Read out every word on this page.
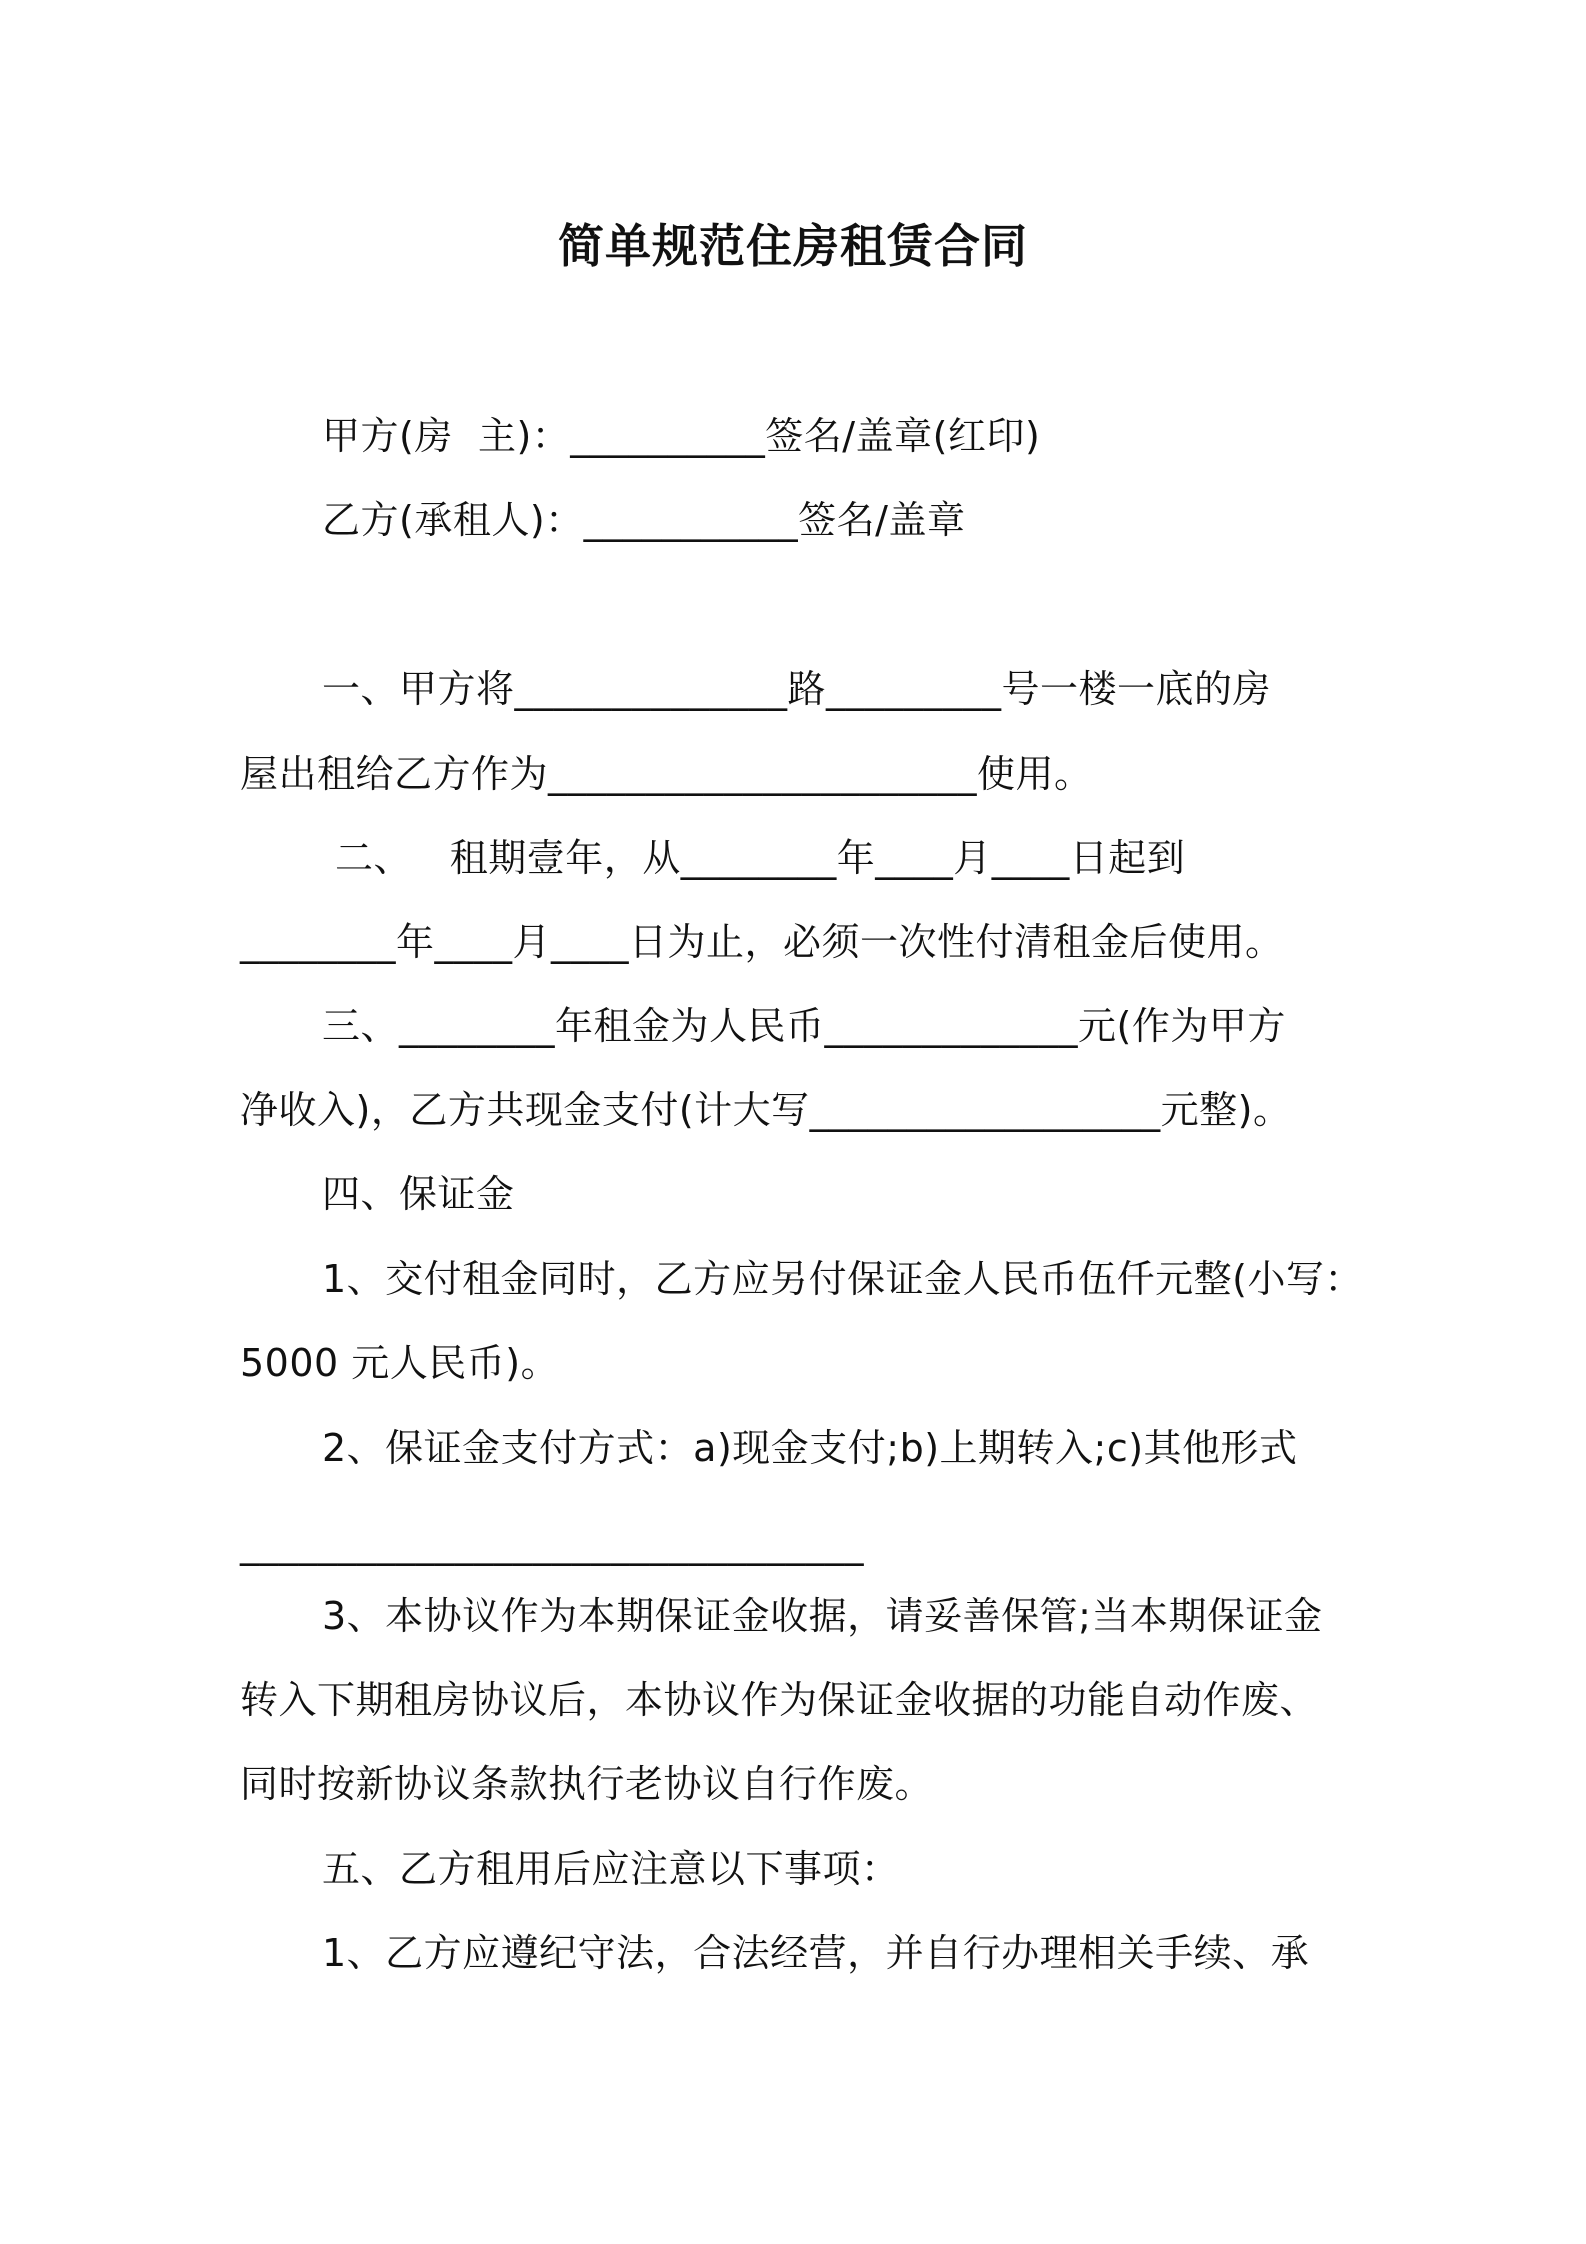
简单规范住房租赁合同
甲方(房  主)：__________签名/盖章(红印)
乙方(承租人)：___________签名/盖章
一、甲方将______________路_________号一楼一底的房
屋出租给乙方作为______________________使用。
二、   租期壹年，从________年____月____日起到
________年____月____日为止，必须一次性付清租金后使用。
三、________年租金为人民币_____________元(作为甲方
净收入)，乙方共现金支付(计大写__________________元整)。
四、保证金
1、交付租金同时，乙方应另付保证金人民币伍仟元整(小写：
5000 元人民币)。
2、保证金支付方式：a)现金支付;b)上期转入;c)其他形式
________________________________
3、本协议作为本期保证金收据，请妥善保管;当本期保证金
转入下期租房协议后，本协议作为保证金收据的功能自动作废、
同时按新协议条款执行老协议自行作废。
五、乙方租用后应注意以下事项：
1、乙方应遵纪守法，合法经营，并自行办理相关手续、承
